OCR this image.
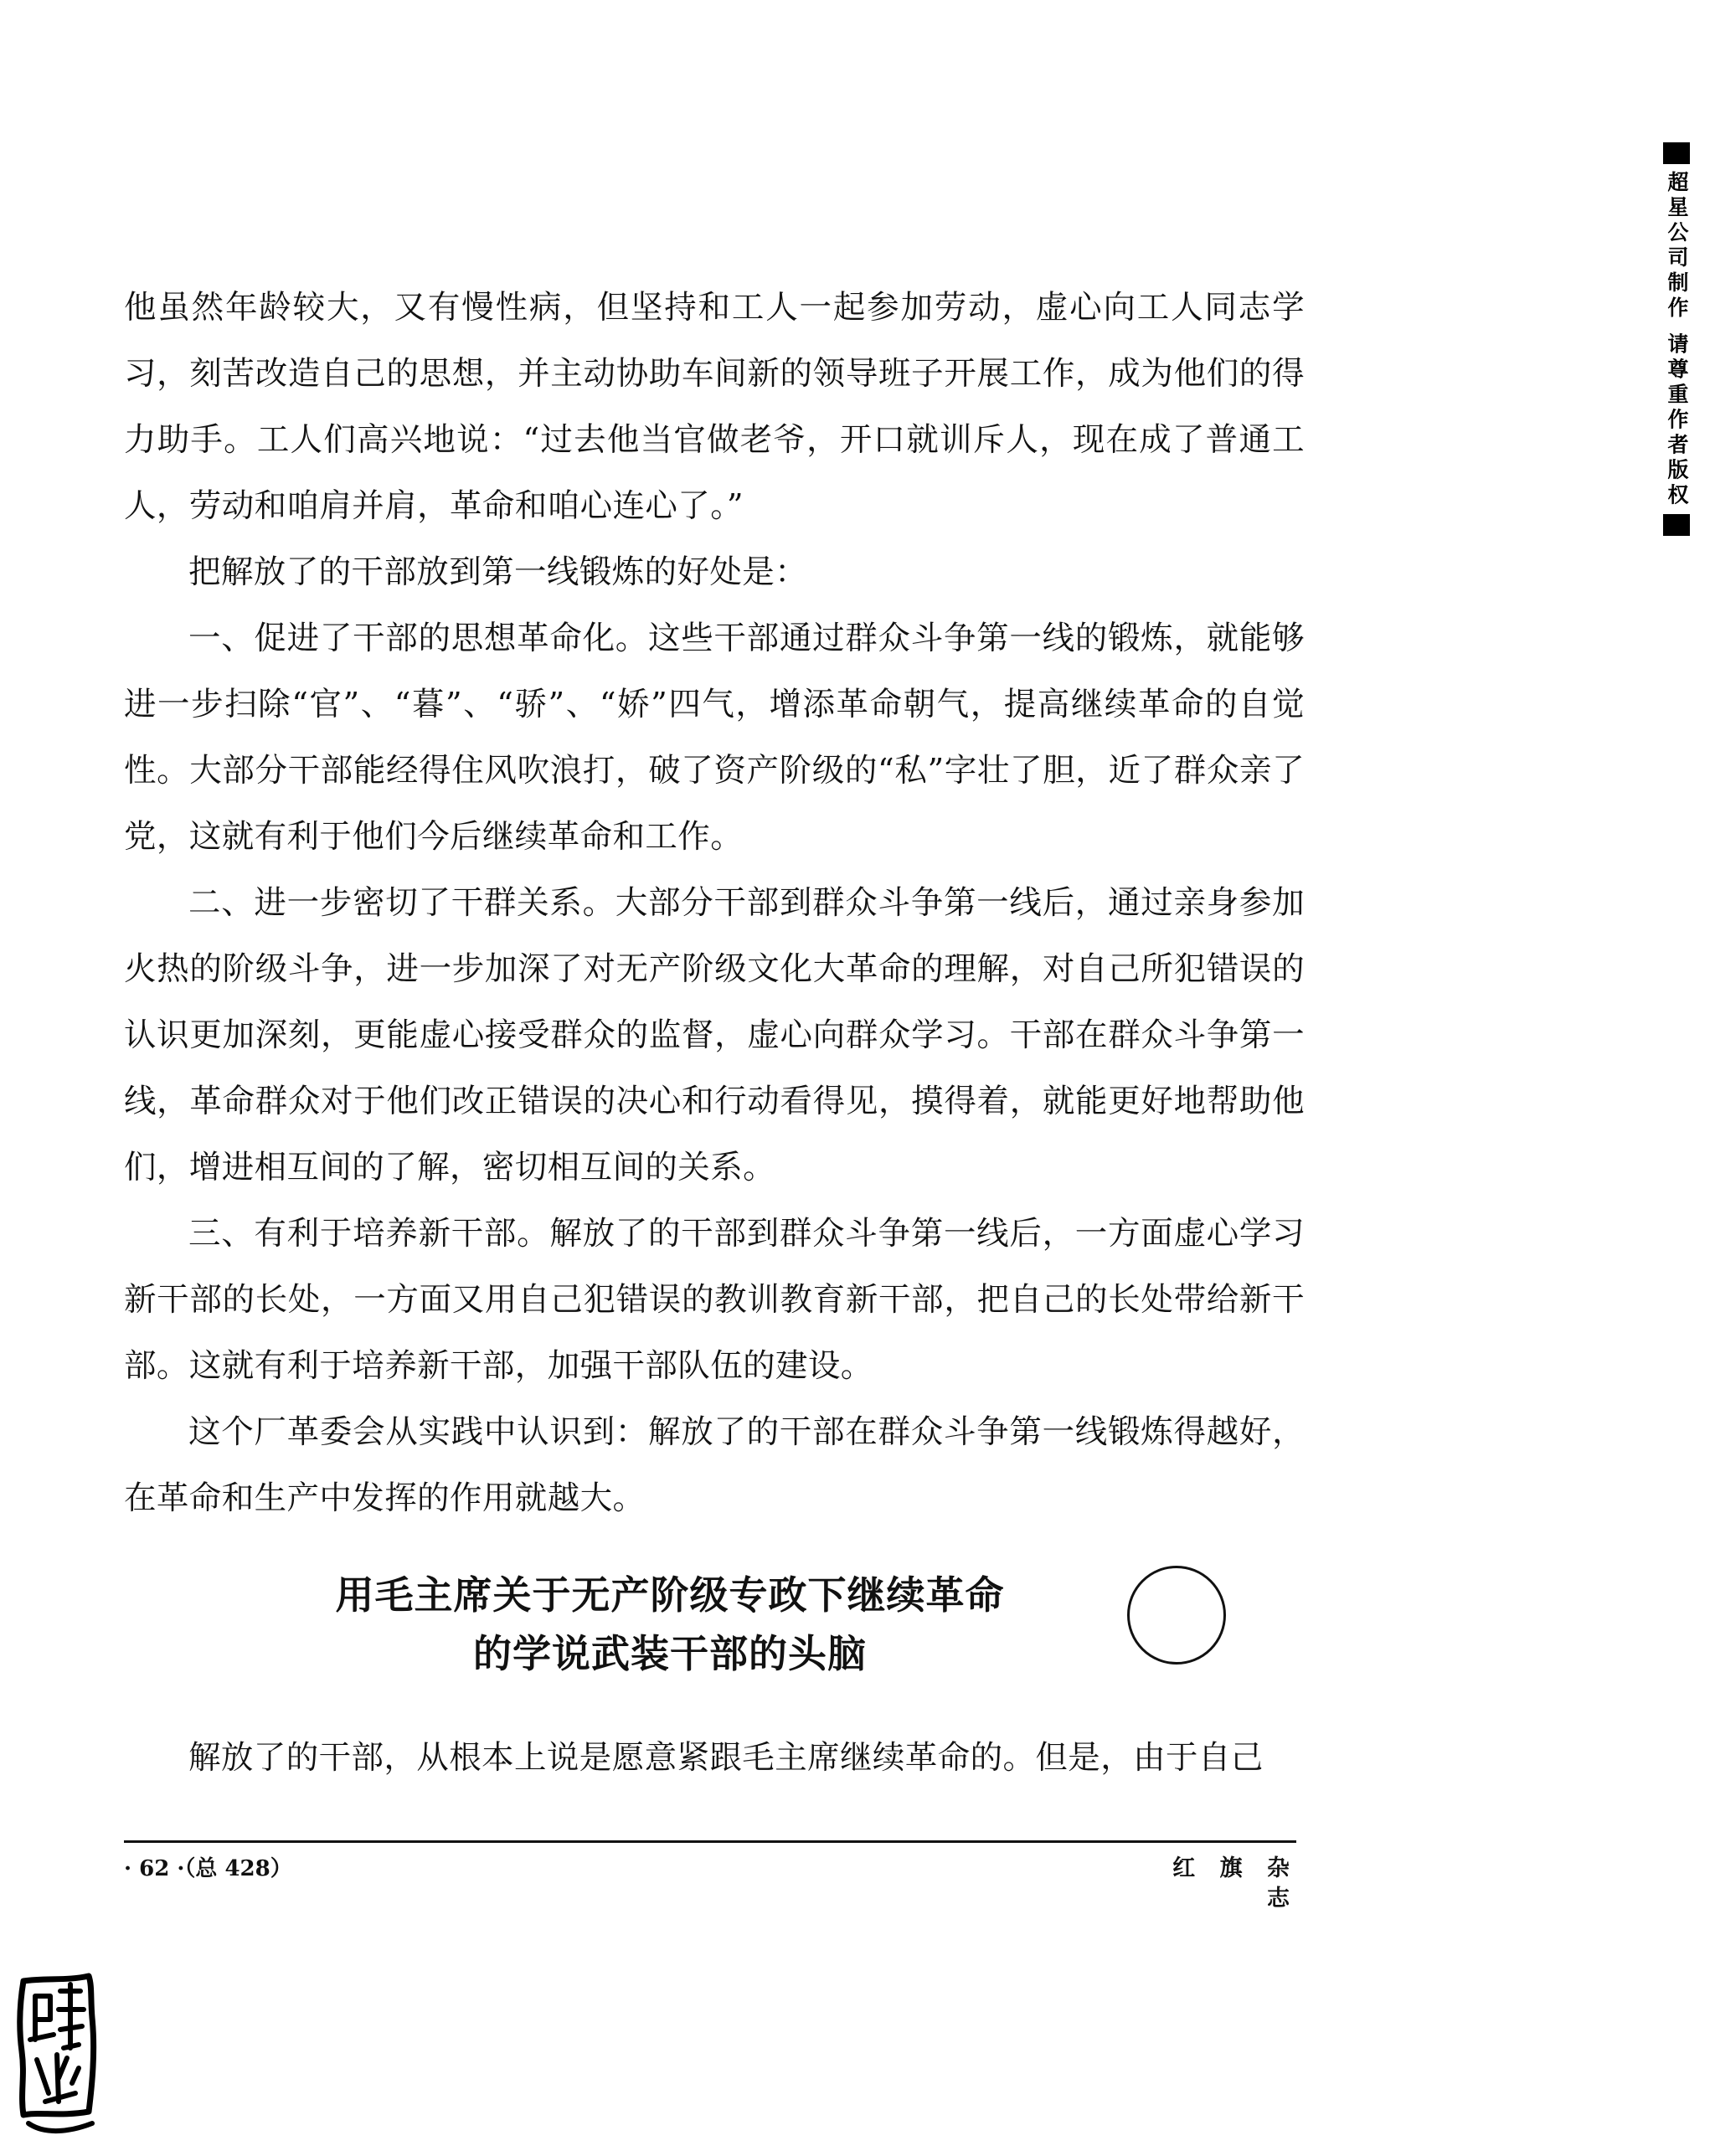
超星公司制作 请尊重作者版权

他虽然年龄较大，又有慢性病，但坚持和工人一起参加劳动，虚心向工人同志学习，刻苦改造自己的思想，并主动协助车间新的领导班子开展工作，成为他们的得力助手。工人们高兴地说：“过去他当官做老爷，开口就训斥人，现在成了普通工人，劳动和咱肩并肩，革命和咱心连心了。”

把解放了的干部放到第一线锻炼的好处是：

一、促进了干部的思想革命化。这些干部通过群众斗争第一线的锻炼，就能够进一步扫除“官”、“暮”、“骄”、“娇”四气，增添革命朝气，提高继续革命的自觉性。大部分干部能经得住风吹浪打，破了资产阶级的“私”字壮了胆，近了群众亲了党，这就有利于他们今后继续革命和工作。

二、进一步密切了干群关系。大部分干部到群众斗争第一线后，通过亲身参加火热的阶级斗争，进一步加深了对无产阶级文化大革命的理解，对自己所犯错误的认识更加深刻，更能虚心接受群众的监督，虚心向群众学习。干部在群众斗争第一线，革命群众对于他们改正错误的决心和行动看得见，摸得着，就能更好地帮助他们，增进相互间的了解，密切相互间的关系。

三、有利于培养新干部。解放了的干部到群众斗争第一线后，一方面虚心学习新干部的长处，一方面又用自己犯错误的教训教育新干部，把自己的长处带给新干部。这就有利于培养新干部，加强干部队伍的建设。

这个厂革委会从实践中认识到：解放了的干部在群众斗争第一线锻炼得越好，在革命和生产中发挥的作用就越大。

用毛主席关于无产阶级专政下继续革命
的学说武装干部的头脑

解放了的干部，从根本上说是愿意紧跟毛主席继续革命的。但是，由于自己

· 62 ·（总 428）	红 旗 杂 志
